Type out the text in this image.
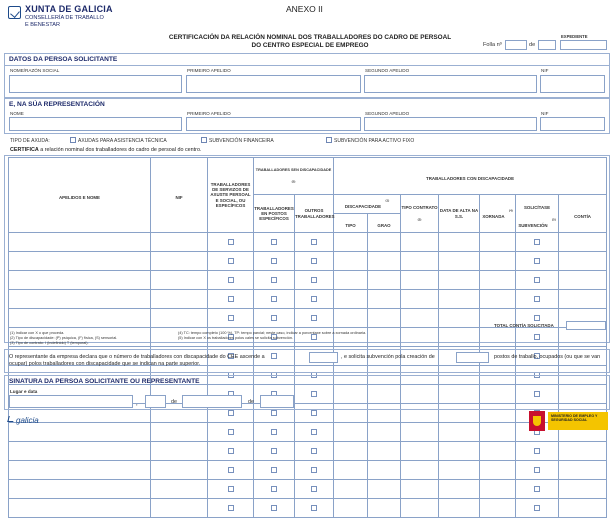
XUNTA DE GALICIA
CONSELLERÍA DE TRABALLO
E BENESTAR
ANEXO II
CERTIFICACIÓN DA RELACIÓN NOMINAL DOS TRABALLADORES DO CADRO DE PERSOAL
DO CENTRO ESPECIAL DE EMPREGO
EXPEDIENTE
Folla nº	de
DATOS DA PERSOA SOLICITANTE
NOME/RAZÓN SOCIAL	PRIMEIRO APELIDO	SEGUNDO APELIDO	NIF
E, NA SÚA REPRESENTACIÓN
NOME	PRIMEIRO APELIDO	SEGUNDO APELIDO	NIF
TIPO DE AXUDA:	AXUDAS PARA ASISTENCIA TÉCNICA	SUBVENCIÓN FINANCEIRA	SUBVENCIÓN PARA ACTIVO FIXO
CERTIFICA a relación nominal dos traballadores do cadro de persoal do centro.
APELIDOS E NOME	NIF	TRABALLADORES DE SERVIZOS DE AXUSTE PERSOAL E SOCIAL, OU ESPECÍFICOS	TRABALLADORES SEN DISCAPACIDADE $^{(5)}$		TRABALLADORES CON DISCAPACIDADE						

			TRABALLADORES EN POSTOS ESPECÍFICOS	OUTROS TRABALLADORES	DISCAPACIDADE $^{(1)}$		TIPO CONTRATO $^{(3)}$	DATA DE ALTA NA S.S.	XORNADA $^{(4)}$	SOLICÍTASE SUBVENCIÓN $^{(5)}$	CONTÍA
					TIPO	GRAO					

TOTAL CONTÍA SOLICITADA
(1) Indicar con X o que proceda.
(2) Tipo de discapacidade: (P) psíquica, (F) física, (S) sensorial.
(3) Tipo de contrato: I (indefinido) T (temporal).
(4) TC: tempo completo (100 %), TP: tempo parcial; neste caso, indicar a porcentaxe sobre a xornada ordinaria.
(5) Indicar con X os traballadores polos cales se solicita subvención.
O representante da empresa declara que o número de traballadores con discapacidade do CEE ascende a	, e solicita subvención pola creación de	postos de traballo, ocupados (ou que se van ocupar) polos traballadores con discapacidade que se indican na parte superior.
SINATURA DA PERSOA SOLICITANTE OU REPRESENTANTE
Lugar e data
,	de	de
galicia	MINISTERIO DE EMPLEO Y SEGURIDAD SOCIAL
